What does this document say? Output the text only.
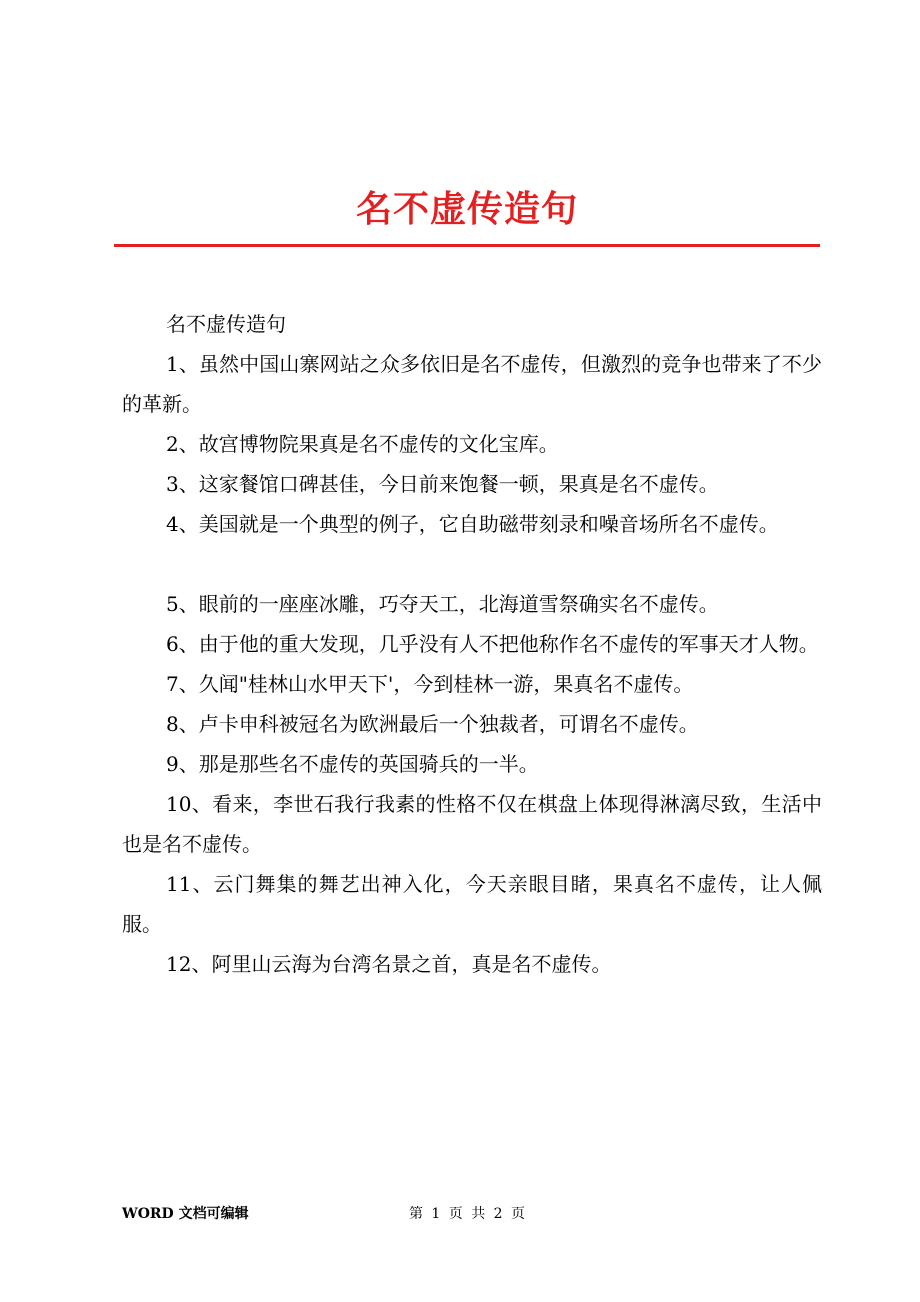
名不虚传造句

名不虚传造句

1、虽然中国山寨网站之众多依旧是名不虚传，但激烈的竞争也带来了不少的革新。

2、故宫博物院果真是名不虚传的文化宝库。

3、这家餐馆口碑甚佳，今日前来饱餐一顿，果真是名不虚传。

4、美国就是一个典型的例子，它自助磁带刻录和噪音场所名不虚传。

5、眼前的一座座冰雕，巧夺天工，北海道雪祭确实名不虚传。

6、由于他的重大发现，几乎没有人不把他称作名不虚传的军事天才人物。

7、久闻"桂林山水甲天下'，今到桂林一游，果真名不虚传。

8、卢卡申科被冠名为欧洲最后一个独裁者，可谓名不虚传。

9、那是那些名不虚传的英国骑兵的一半。

10、看来，李世石我行我素的性格不仅在棋盘上体现得淋漓尽致，生活中也是名不虚传。

11、云门舞集的舞艺出神入化，今天亲眼目睹，果真名不虚传，让人佩服。

12、阿里山云海为台湾名景之首，真是名不虚传。

WORD 文档可编辑	第 1 页 共 2 页
